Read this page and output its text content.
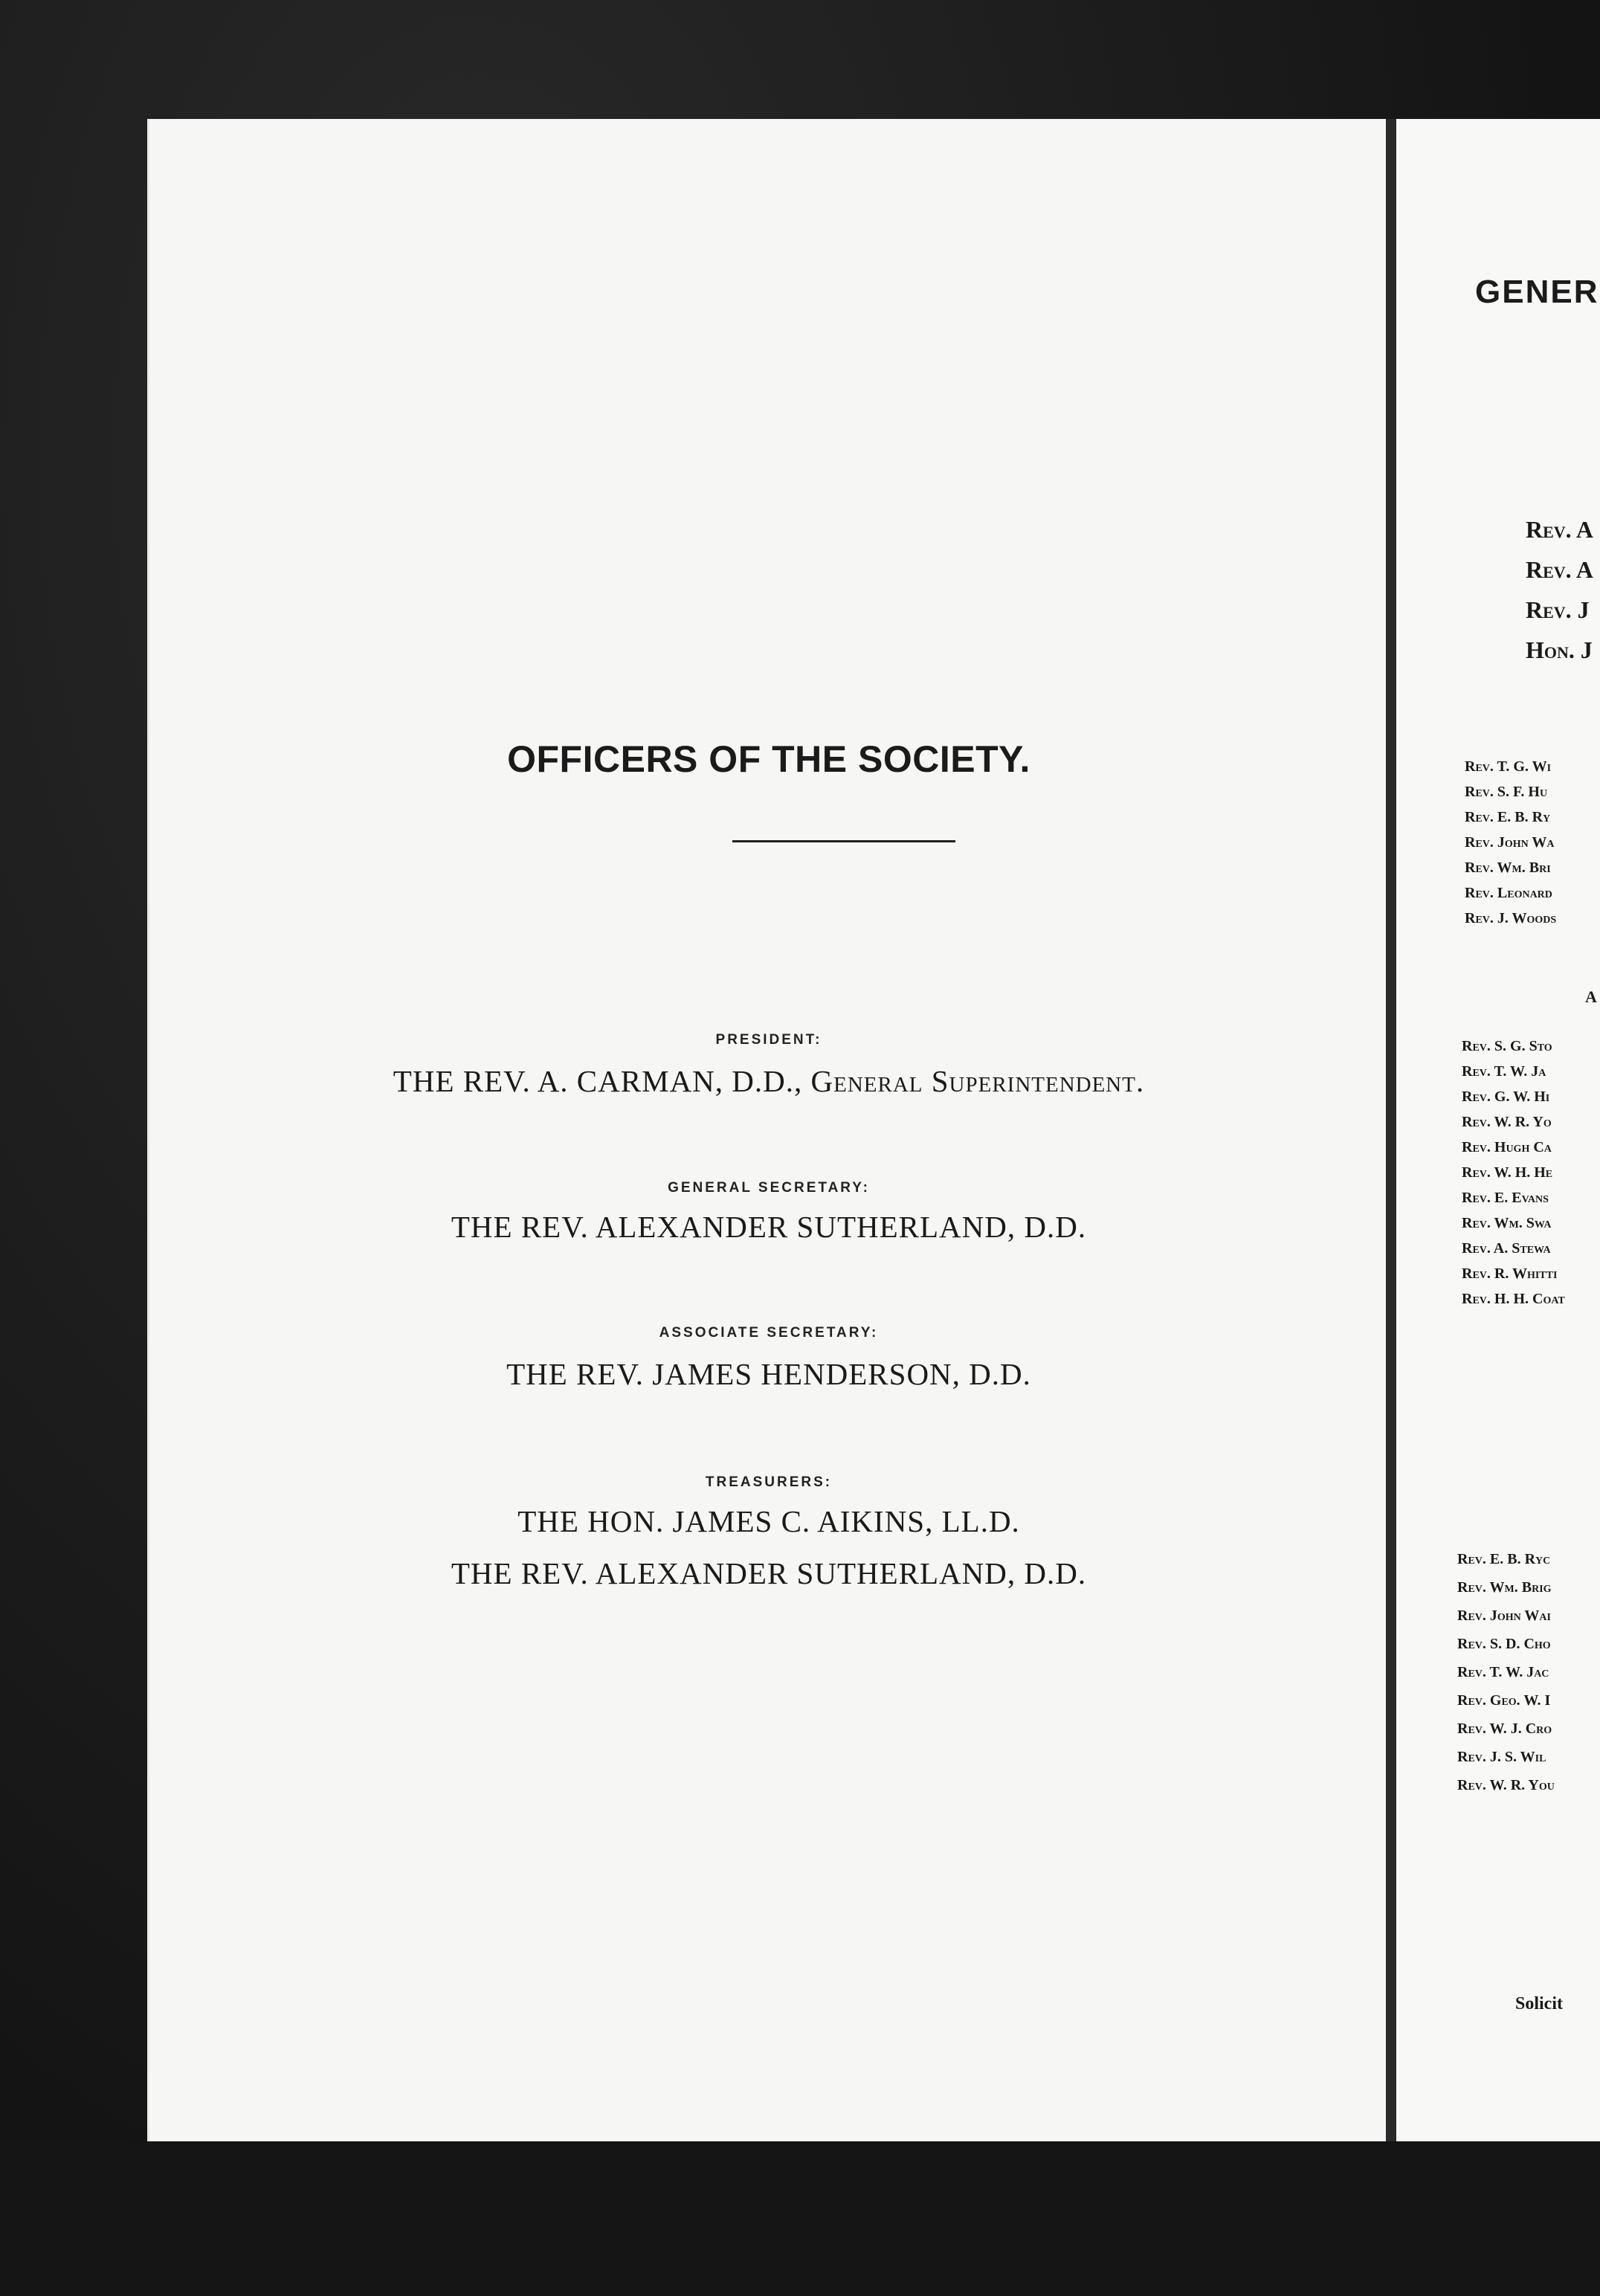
OFFICERS OF THE SOCIETY.
PRESIDENT:
THE REV. A. CARMAN, D.D., General Superintendent.
GENERAL SECRETARY:
THE REV. ALEXANDER SUTHERLAND, D.D.
ASSOCIATE SECRETARY:
THE REV. JAMES HENDERSON, D.D.
TREASURERS:
THE HON. JAMES C. AIKINS, LL.D.
THE REV. ALEXANDER SUTHERLAND, D.D.
GENER
Rev. A
Rev. A
Rev. J
Hon. J
Rev. T. G. Wi
Rev. S. F. Hu
Rev. E. B. Ry
Rev. John Wa
Rev. Wm. Bri
Rev. Leonard
Rev. J. Woods
A
Rev. S. G. Sto
Rev. T. W. Ja
Rev. G. W. Hi
Rev. W. R. Yo
Rev. Hugh Ca
Rev. W. H. He
Rev. E. Evans
Rev. Wm. Swa
Rev. A. Stewa
Rev. R. Whitti
Rev. H. H. Coat
Rev. E. B. Ryc
Rev. Wm. Brig
Rev. John Wai
Rev. S. D. Cho
Rev. T. W. Jac
Rev. Geo. W. I
Rev. W. J. Cro
Rev. J. S. Wil
Rev. W. R. You
Solicit
